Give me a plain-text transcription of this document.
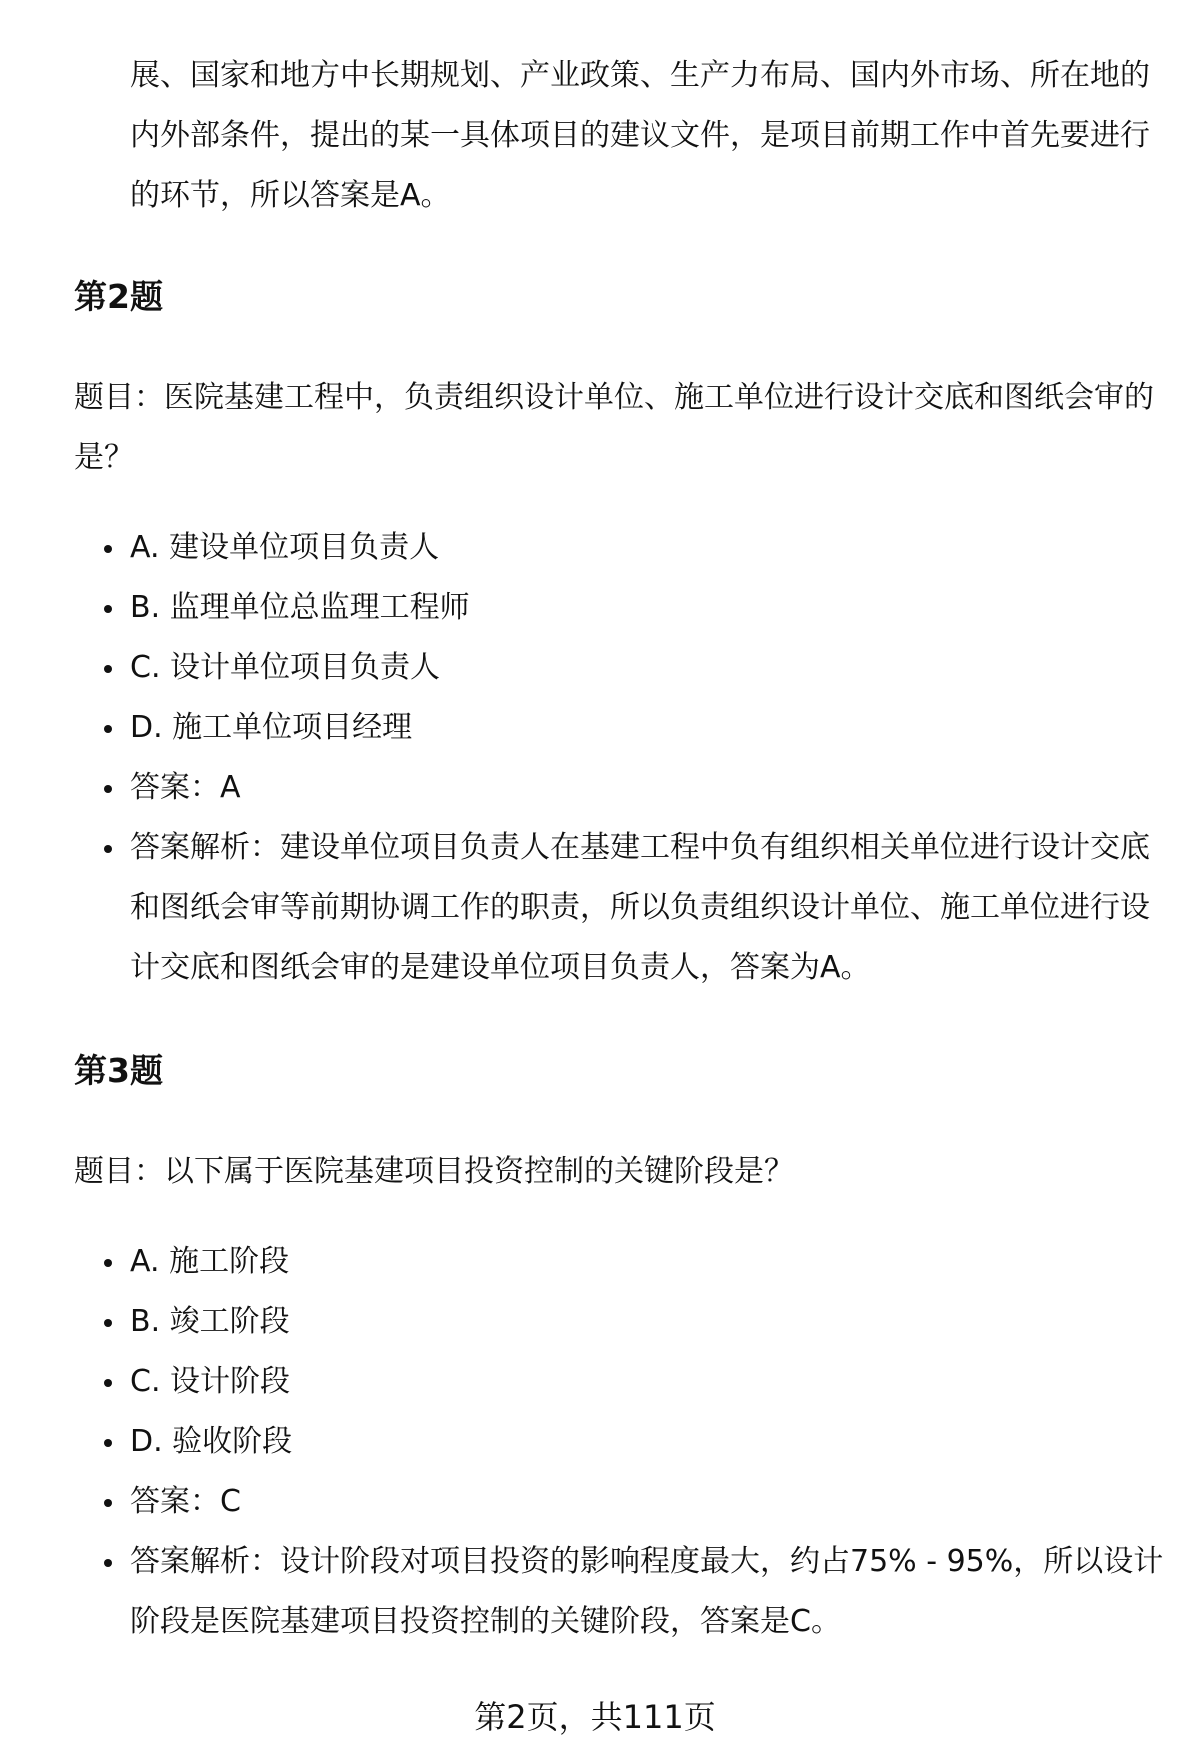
展、国家和地方中长期规划、产业政策、生产力布局、国内外市场、所在地的
内外部条件，提出的某一具体项目的建议文件，是项目前期工作中首先要进行
的环节，所以答案是A。
第2题
题目：医院基建工程中，负责组织设计单位、施工单位进行设计交底和图纸会审的
是？
A. 建设单位项目负责人
B. 监理单位总监理工程师
C. 设计单位项目负责人
D. 施工单位项目经理
答案：A
答案解析：建设单位项目负责人在基建工程中负有组织相关单位进行设计交底
和图纸会审等前期协调工作的职责，所以负责组织设计单位、施工单位进行设
计交底和图纸会审的是建设单位项目负责人，答案为A。
第3题
题目：以下属于医院基建项目投资控制的关键阶段是？
A. 施工阶段
B. 竣工阶段
C. 设计阶段
D. 验收阶段
答案：C
答案解析：设计阶段对项目投资的影响程度最大，约占75% - 95%，所以设计
阶段是医院基建项目投资控制的关键阶段，答案是C。
第2页，共111页
